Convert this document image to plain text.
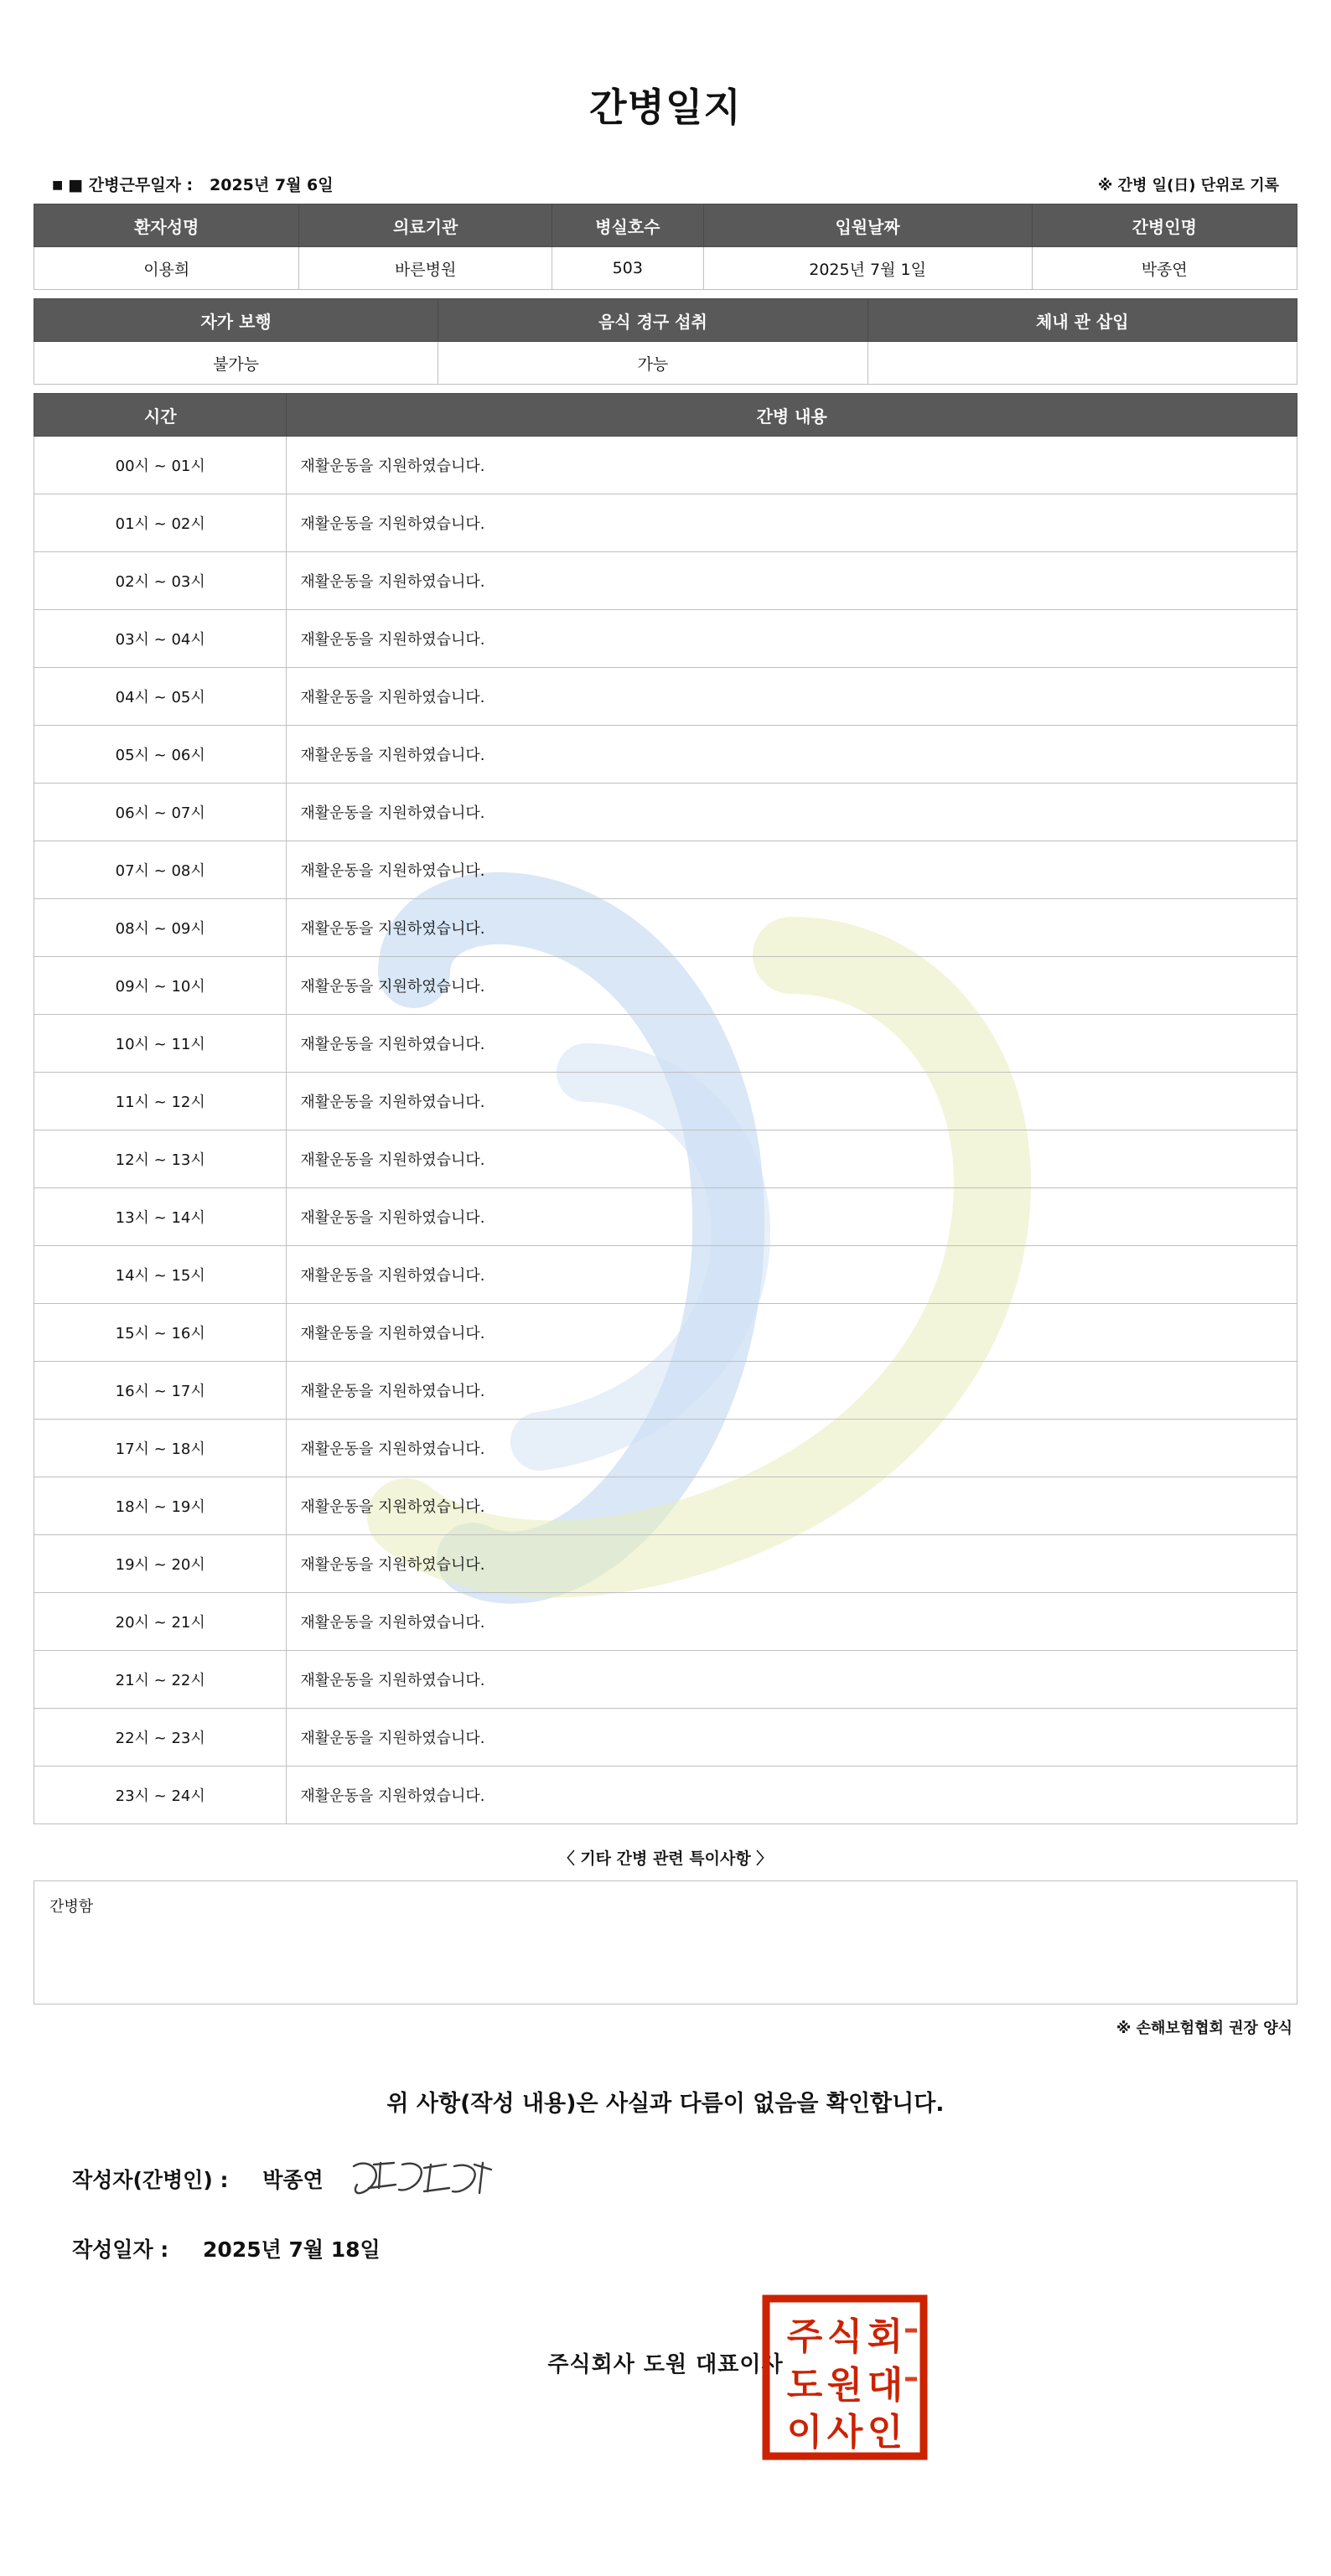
간병일지
■ ■ 간병근무일자 : 2025년 7월 6일	※ 간병 일(日) 단위로 기록
환자성명	의료기관	병실호수	입원날짜	간병인명
이용희	바른병원	503	2025년 7월 1일	박종연
자가 보행	음식 경구 섭취	체내 관 삽입
불가능	가능	
시간	간병 내용
00시 ~ 01시	재활운동을 지원하였습니다.
01시 ~ 02시	재활운동을 지원하였습니다.
02시 ~ 03시	재활운동을 지원하였습니다.
03시 ~ 04시	재활운동을 지원하였습니다.
04시 ~ 05시	재활운동을 지원하였습니다.
05시 ~ 06시	재활운동을 지원하였습니다.
06시 ~ 07시	재활운동을 지원하였습니다.
07시 ~ 08시	재활운동을 지원하였습니다.
08시 ~ 09시	재활운동을 지원하였습니다.
09시 ~ 10시	재활운동을 지원하였습니다.
10시 ~ 11시	재활운동을 지원하였습니다.
11시 ~ 12시	재활운동을 지원하였습니다.
12시 ~ 13시	재활운동을 지원하였습니다.
13시 ~ 14시	재활운동을 지원하였습니다.
14시 ~ 15시	재활운동을 지원하였습니다.
15시 ~ 16시	재활운동을 지원하였습니다.
16시 ~ 17시	재활운동을 지원하였습니다.
17시 ~ 18시	재활운동을 지원하였습니다.
18시 ~ 19시	재활운동을 지원하였습니다.
19시 ~ 20시	재활운동을 지원하였습니다.
20시 ~ 21시	재활운동을 지원하였습니다.
21시 ~ 22시	재활운동을 지원하였습니다.
22시 ~ 23시	재활운동을 지원하였습니다.
23시 ~ 24시	재활운동을 지원하였습니다.
〈 기타 간병 관련 특이사항 〉
간병함
※ 손해보험협회 권장 양식
위 사항(작성 내용)은 사실과 다름이 없음을 확인합니다.
작성자(간병인) : 박종연
작성일자 : 2025년 7월 18일
주식회사 도원 대표이사
주 식 회
도 원 대
이 사 인
